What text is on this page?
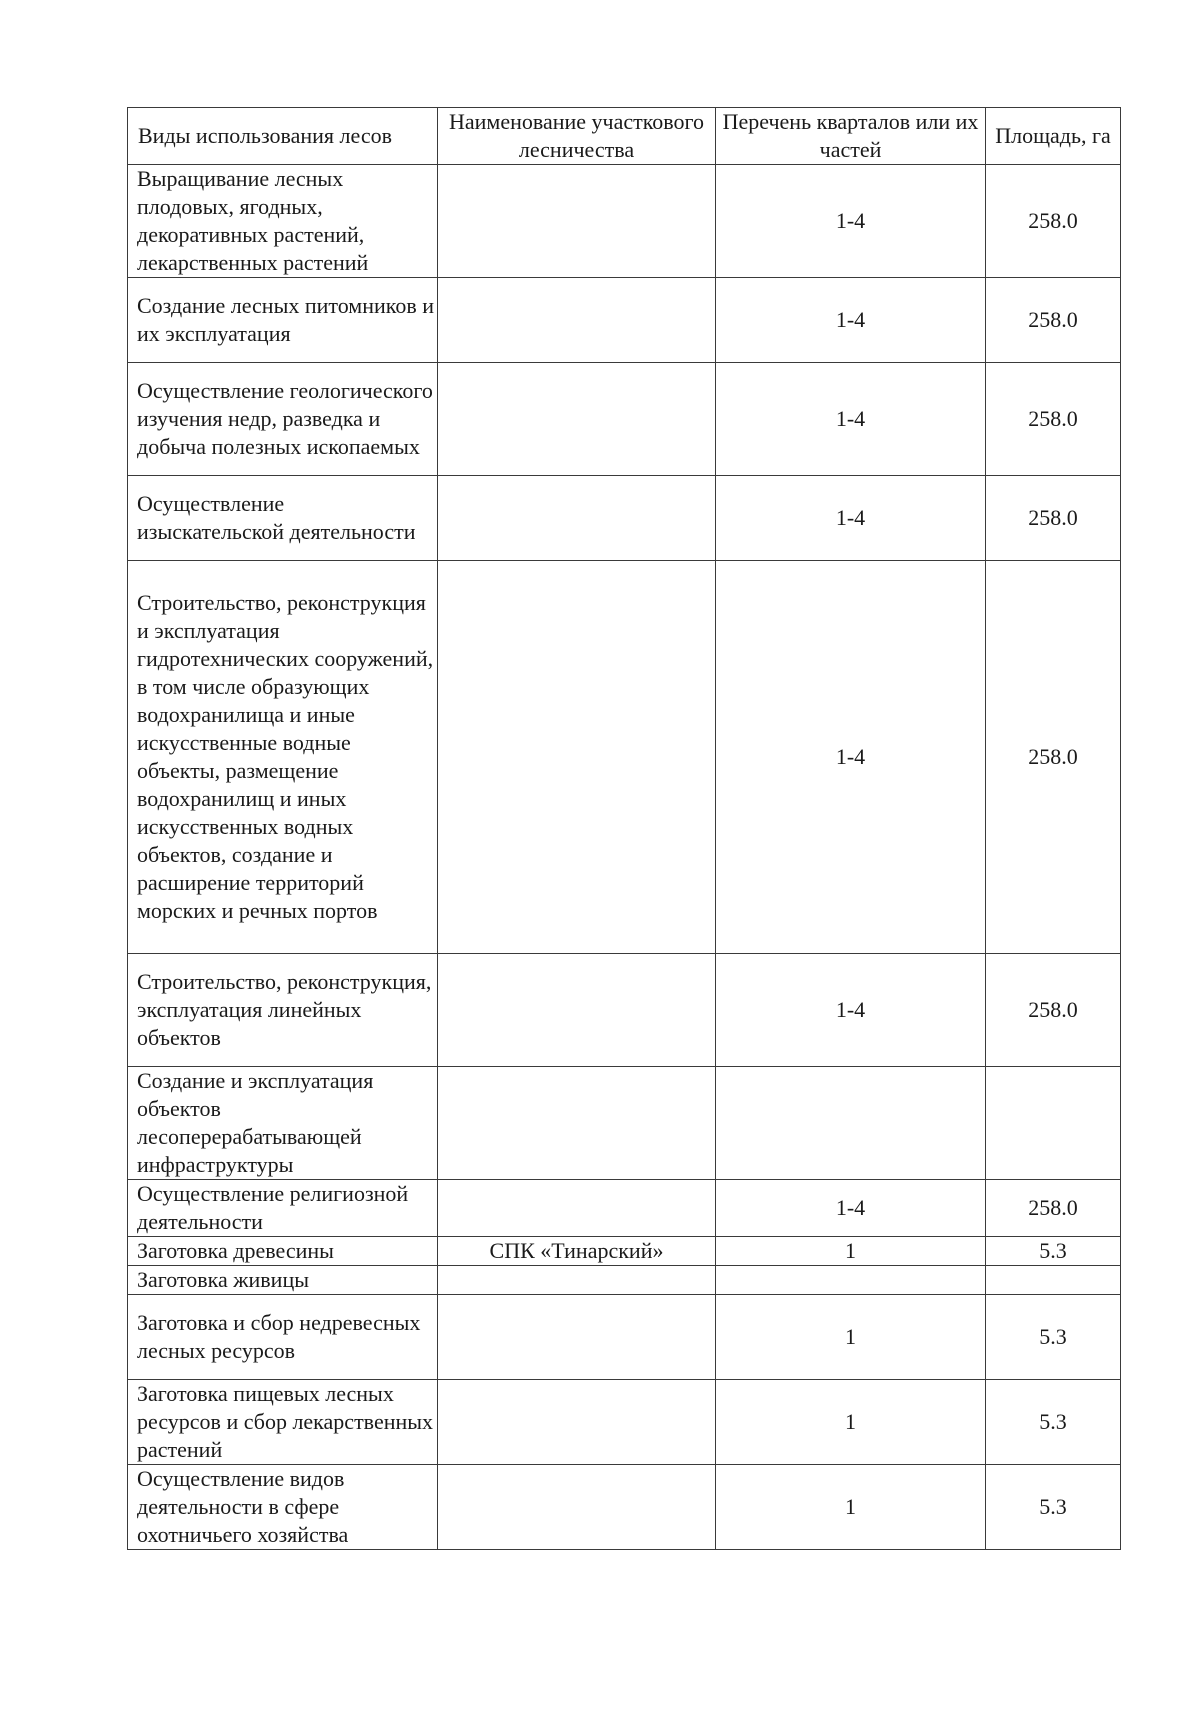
Виды использования лесов	Наименование участкового лесничества	Перечень кварталов или их частей	Площадь, га
Выращивание лесных плодовых, ягодных, декоративных растений, лекарственных растений		1-4	258.0
Создание лесных питомников и их эксплуатация		1-4	258.0
Осуществление геологического изучения недр, разведка и добыча полезных ископаемых		1-4	258.0
Осуществление изыскательской деятельности		1-4	258.0
Строительство, реконструкция и эксплуатация гидротехнических сооружений, в том числе образующих водохранилища и иные искусственные водные объекты, размещение водохранилищ и иных искусственных водных объектов, создание и расширение территорий морских и речных портов		1-4	258.0
Строительство, реконструкция, эксплуатация линейных объектов		1-4	258.0
Создание и эксплуатация объектов лесоперерабатывающей инфраструктуры			
Осуществление религиозной деятельности		1-4	258.0
Заготовка древесины	СПК «Тинарский»	1	5.3
Заготовка живицы			
Заготовка и сбор недревесных лесных ресурсов		1	5.3
Заготовка пищевых лесных ресурсов и сбор лекарственных растений		1	5.3
Осуществление видов деятельности в сфере охотничьего хозяйства		1	5.3
